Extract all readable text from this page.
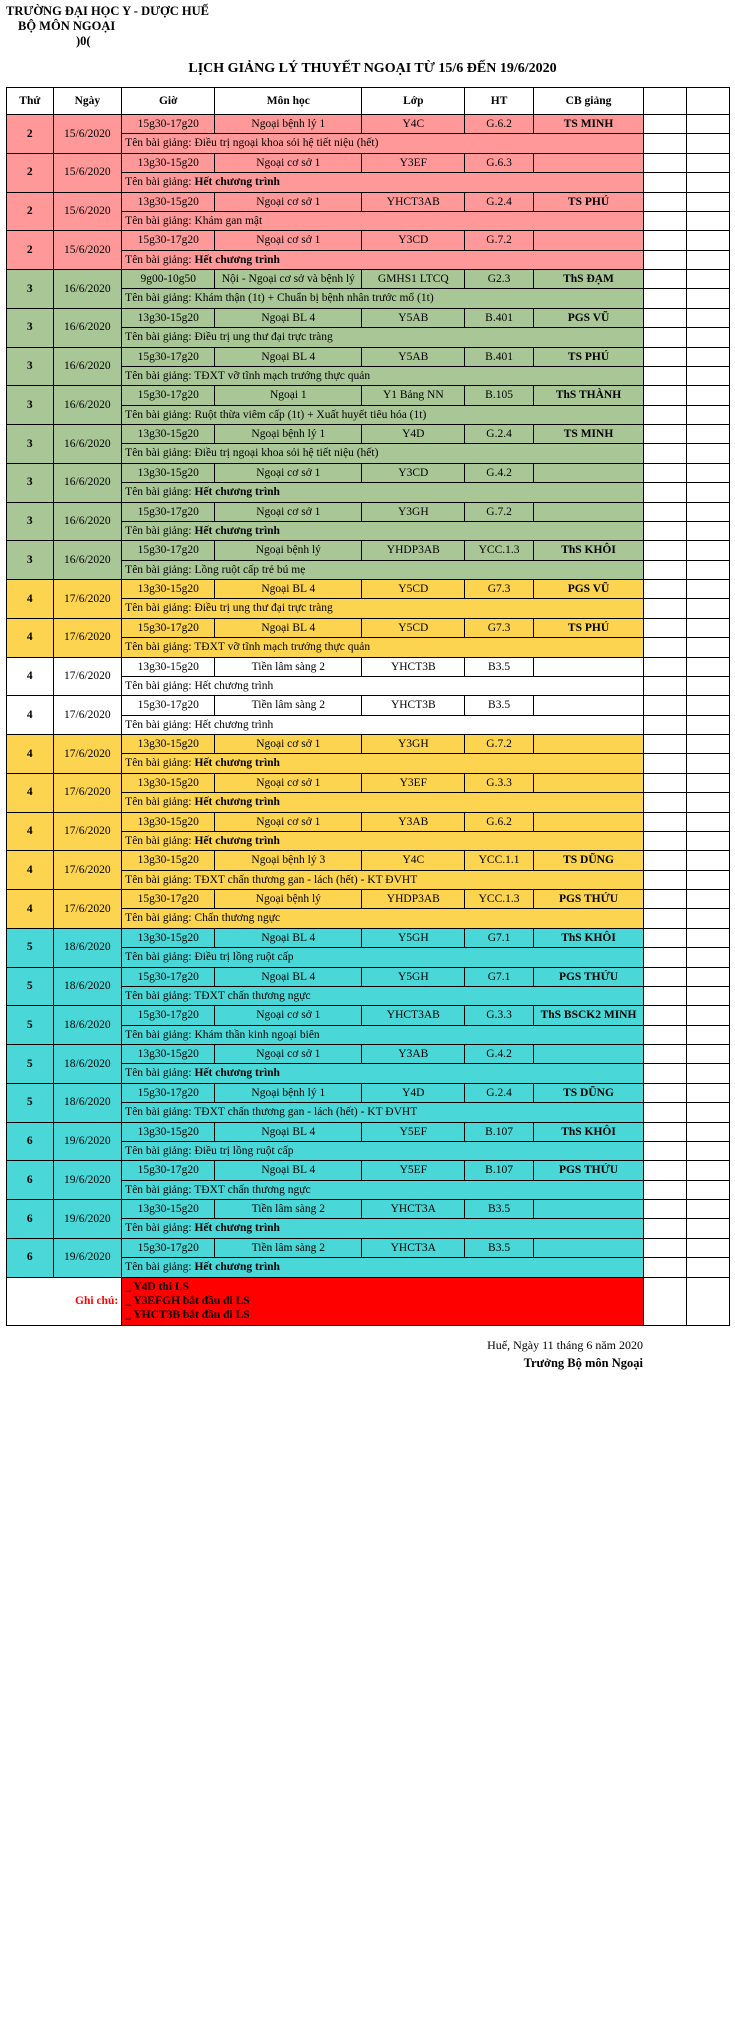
TRƯỜNG ĐẠI HỌC Y - DƯỢC HUẾ
BỘ MÔN NGOẠI
)0(
LỊCH GIẢNG LÝ THUYẾT NGOẠI TỪ 15/6 ĐẾN 19/6/2020
Thứ	Ngày	Giờ	Môn học	Lớp	HT	CB giảng		
2	15/6/2020	15g30-17g20	Ngoại bệnh lý 1	Y4C	G.6.2	TS MINH		
		Tên bài giảng: Điều trị ngoại khoa sỏi hệ tiết niệu (hết)						
2	15/6/2020	13g30-15g20	Ngoại cơ sở 1	Y3EF	G.6.3			
		Tên bài giảng: Hết chương trình						
2	15/6/2020	13g30-15g20	Ngoại cơ sở 1	YHCT3AB	G.2.4	TS PHÚ		
		Tên bài giảng: Khám gan mật						
2	15/6/2020	15g30-17g20	Ngoại cơ sở 1	Y3CD	G.7.2			
		Tên bài giảng: Hết chương trình						
3	16/6/2020	9g00-10g50	Nội - Ngoại cơ sở và bệnh lý	GMHS1 LTCQ	G2.3	ThS ĐẠM		
		Tên bài giảng: Khám thận (1t) + Chuẩn bị bệnh nhân trước mổ (1t)						
3	16/6/2020	13g30-15g20	Ngoại BL 4	Y5AB	B.401	PGS VŨ		
		Tên bài giảng: Điều trị ung thư đại trực tràng						
3	16/6/2020	15g30-17g20	Ngoại BL 4	Y5AB	B.401	TS PHÚ		
		Tên bài giảng: TĐXT vỡ tĩnh mạch trướng thực quản						
3	16/6/2020	15g30-17g20	Ngoại 1	Y1 Bảng NN	B.105	ThS THÀNH		
		Tên bài giảng: Ruột thừa viêm cấp (1t) + Xuất huyết tiêu hóa (1t)						
3	16/6/2020	13g30-15g20	Ngoại bệnh lý 1	Y4D	G.2.4	TS MINH		
		Tên bài giảng: Điều trị ngoại khoa sỏi hệ tiết niệu (hết)						
3	16/6/2020	13g30-15g20	Ngoại cơ sở 1	Y3CD	G.4.2			
		Tên bài giảng: Hết chương trình						
3	16/6/2020	15g30-17g20	Ngoại cơ sở 1	Y3GH	G.7.2			
		Tên bài giảng: Hết chương trình						
3	16/6/2020	15g30-17g20	Ngoại bệnh lý	YHDP3AB	YCC.1.3	ThS KHÔI		
		Tên bài giảng: Lồng ruột cấp trẻ bú mẹ						
4	17/6/2020	13g30-15g20	Ngoại BL 4	Y5CD	G7.3	PGS VŨ		
		Tên bài giảng: Điều trị ung thư đại trực tràng						
4	17/6/2020	15g30-17g20	Ngoại BL 4	Y5CD	G7.3	TS PHÚ		
		Tên bài giảng: TĐXT vỡ tĩnh mạch trướng thực quản						
4	17/6/2020	13g30-15g20	Tiền lâm sàng 2	YHCT3B	B3.5			
		Tên bài giảng: Hết chương trình						
4	17/6/2020	15g30-17g20	Tiền lâm sàng 2	YHCT3B	B3.5			
		Tên bài giảng: Hết chương trình						
4	17/6/2020	13g30-15g20	Ngoại cơ sở 1	Y3GH	G.7.2			
		Tên bài giảng: Hết chương trình						
4	17/6/2020	13g30-15g20	Ngoại cơ sở 1	Y3EF	G.3.3			
		Tên bài giảng: Hết chương trình						
4	17/6/2020	13g30-15g20	Ngoại cơ sở 1	Y3AB	G.6.2			
		Tên bài giảng: Hết chương trình						
4	17/6/2020	13g30-15g20	Ngoại bệnh lý 3	Y4C	YCC.1.1	TS DŨNG		
		Tên bài giảng: TĐXT chấn thương gan - lách (hết) - KT ĐVHT						
4	17/6/2020	15g30-17g20	Ngoại bệnh lý	YHDP3AB	YCC.1.3	PGS THỨU		
		Tên bài giảng: Chấn thương ngực						
5	18/6/2020	13g30-15g20	Ngoại BL 4	Y5GH	G7.1	ThS KHÔI		
		Tên bài giảng: Điều trị lồng ruột cấp						
5	18/6/2020	15g30-17g20	Ngoại BL 4	Y5GH	G7.1	PGS THỨU		
		Tên bài giảng: TĐXT chấn thương ngực						
5	18/6/2020	15g30-17g20	Ngoại cơ sở 1	YHCT3AB	G.3.3	ThS BSCK2 MINH		
		Tên bài giảng: Khám thần kinh ngoại biên						
5	18/6/2020	13g30-15g20	Ngoại cơ sở 1	Y3AB	G.4.2			
		Tên bài giảng: Hết chương trình						
5	18/6/2020	15g30-17g20	Ngoại bệnh lý 1	Y4D	G.2.4	TS DŨNG		
		Tên bài giảng: TĐXT chấn thương gan - lách (hết) - KT ĐVHT						
6	19/6/2020	13g30-15g20	Ngoại BL 4	Y5EF	B.107	ThS KHÔI		
		Tên bài giảng: Điều trị lồng ruột cấp						
6	19/6/2020	15g30-17g20	Ngoại BL 4	Y5EF	B.107	PGS THỨU		
		Tên bài giảng: TĐXT chấn thương ngực						
6	19/6/2020	13g30-15g20	Tiền lâm sàng 2	YHCT3A	B3.5			
		Tên bài giảng: Hết chương trình						
6	19/6/2020	15g30-17g20	Tiền lâm sàng 2	YHCT3A	B3.5			
		Tên bài giảng: Hết chương trình						
Ghi chú:		_ Y4D thi LS
_ Y3EFGH bắt đầu đi LS
_ YHCT3B bắt đầu đi LS						

Huế, Ngày 11 tháng 6 năm 2020
Trưởng Bộ môn Ngoại
